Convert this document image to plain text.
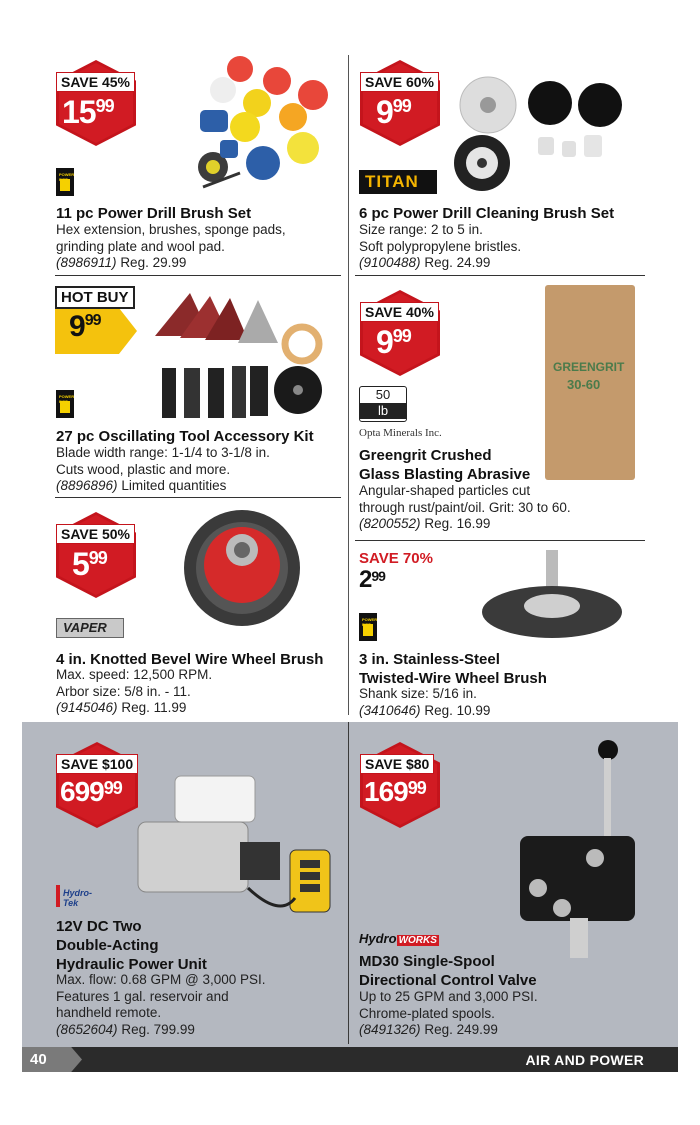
SAVE 45%
$15^{99}$
POWER
11 pc Power Drill Brush Set
Hex extension, brushes, sponge pads,
grinding plate and wool pad.
(8986911) Reg. 29.99
SAVE 60%
$9^{99}$
TITAN
6 pc Power Drill Cleaning Brush Set
Size range: 2 to 5 in.
Soft polypropylene bristles.
(9100488) Reg. 24.99
HOT BUY
$9^{99}$
POWER
27 pc Oscillating Tool Accessory Kit
Blade width range: 1-1/4 to 3-1/8 in.
Cuts wood, plastic and more.
(8896896) Limited quantities
SAVE 40%
$9^{99}$
GREENGRIT
30-60
50
lb
Opta Minerals Inc.
Greengrit Crushed
Glass Blasting Abrasive
Angular-shaped particles cut
through rust/paint/oil. Grit: 30 to 60.
(8200552) Reg. 16.99
SAVE 50%
$5^{99}$
VAPER
4 in. Knotted Bevel Wire Wheel Brush
Max. speed: 12,500 RPM.
Arbor size: 5/8 in. - 11.
(9145046) Reg. 11.99
SAVE 70%
$2^{99}$
POWER
3 in. Stainless-Steel
Twisted-Wire Wheel Brush
Shank size: 5/16 in.
(3410646) Reg. 10.99
SAVE $100
$699^{99}$
Hydro-Tek
12V DC Two
Double-Acting
Hydraulic Power Unit
Max. flow: 0.68 GPM @ 3,000 PSI.
Features 1 gal. reservoir and
handheld remote.
(8652604) Reg. 799.99
SAVE $80
$169^{99}$
Hydro WORKS
MD30 Single-Spool
Directional Control Valve
Up to 25 GPM and 3,000 PSI.
Chrome-plated spools.
(8491326) Reg. 249.99
40	AIR AND POWER
